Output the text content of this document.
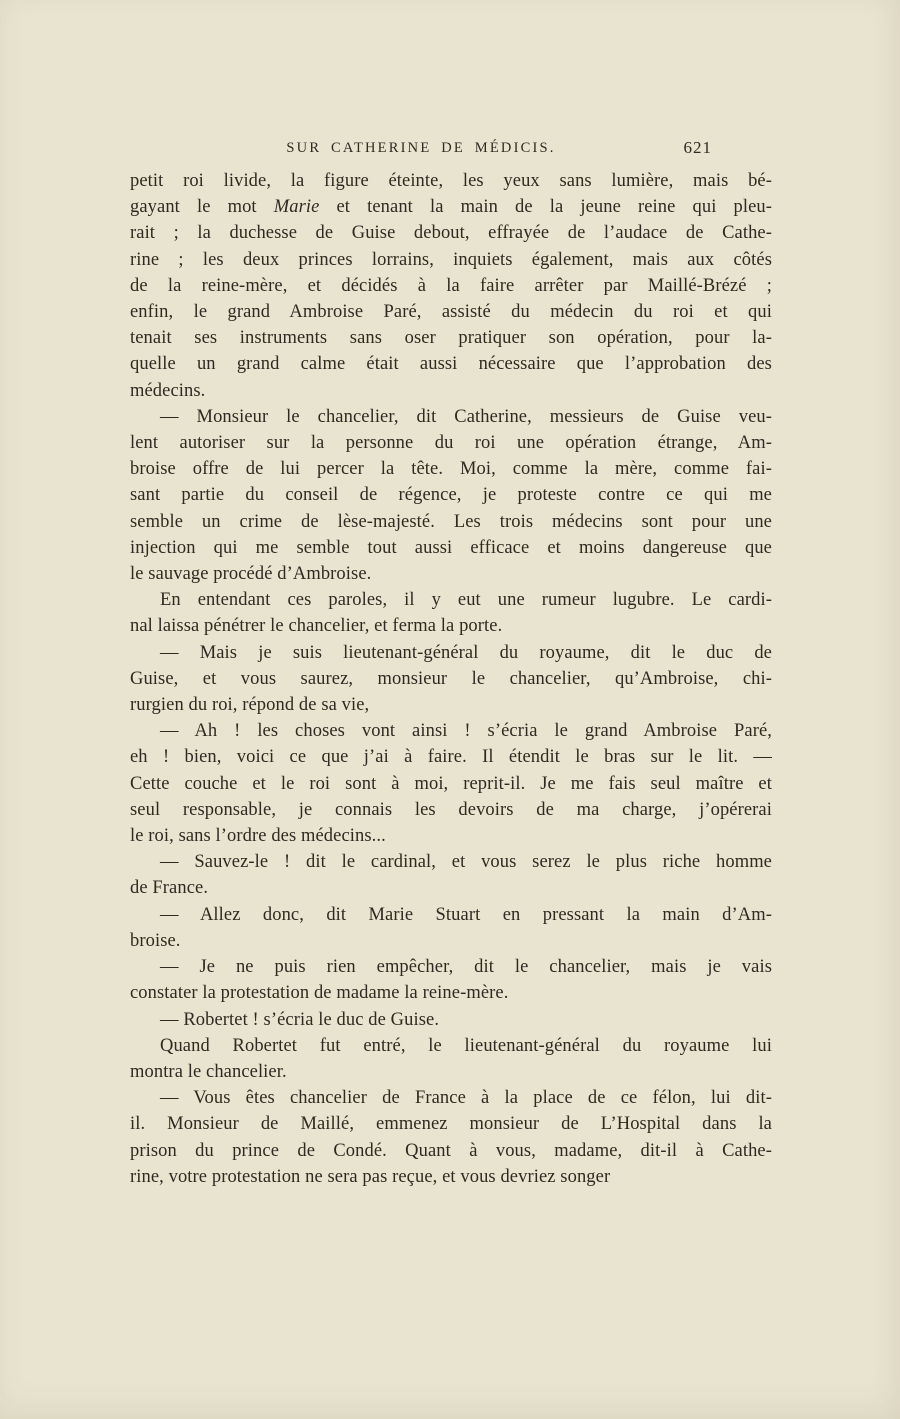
SUR CATHERINE DE MÉDICIS.	621
petit roi livide, la figure éteinte, les yeux sans lumière, mais bé-
gayant le mot Marie et tenant la main de la jeune reine qui pleu-
rait ; la duchesse de Guise debout, effrayée de l’audace de Cathe-
rine ; les deux princes lorrains, inquiets également, mais aux côtés
de la reine-mère, et décidés à la faire arrêter par Maillé-Brézé ;
enfin, le grand Ambroise Paré, assisté du médecin du roi et qui
tenait ses instruments sans oser pratiquer son opération, pour la-
quelle un grand calme était aussi nécessaire que l’approbation des
médecins.
— Monsieur le chancelier, dit Catherine, messieurs de Guise veu-
lent autoriser sur la personne du roi une opération étrange, Am-
broise offre de lui percer la tête. Moi, comme la mère, comme fai-
sant partie du conseil de régence, je proteste contre ce qui me
semble un crime de lèse-majesté. Les trois médecins sont pour une
injection qui me semble tout aussi efficace et moins dangereuse que
le sauvage procédé d’Ambroise.
En entendant ces paroles, il y eut une rumeur lugubre. Le cardi-
nal laissa pénétrer le chancelier, et ferma la porte.
— Mais je suis lieutenant-général du royaume, dit le duc de
Guise, et vous saurez, monsieur le chancelier, qu’Ambroise, chi-
rurgien du roi, répond de sa vie,
— Ah ! les choses vont ainsi ! s’écria le grand Ambroise Paré,
eh ! bien, voici ce que j’ai à faire. Il étendit le bras sur le lit. —
Cette couche et le roi sont à moi, reprit-il. Je me fais seul maître et
seul responsable, je connais les devoirs de ma charge, j’opérerai
le roi, sans l’ordre des médecins...
— Sauvez-le ! dit le cardinal, et vous serez le plus riche homme
de France.
— Allez donc, dit Marie Stuart en pressant la main d’Am-
broise.
— Je ne puis rien empêcher, dit le chancelier, mais je vais
constater la protestation de madame la reine-mère.
— Robertet ! s’écria le duc de Guise.
Quand Robertet fut entré, le lieutenant-général du royaume lui
montra le chancelier.
— Vous êtes chancelier de France à la place de ce félon, lui dit-
il. Monsieur de Maillé, emmenez monsieur de L’Hospital dans la
prison du prince de Condé. Quant à vous, madame, dit-il à Cathe-
rine, votre protestation ne sera pas reçue, et vous devriez songer
